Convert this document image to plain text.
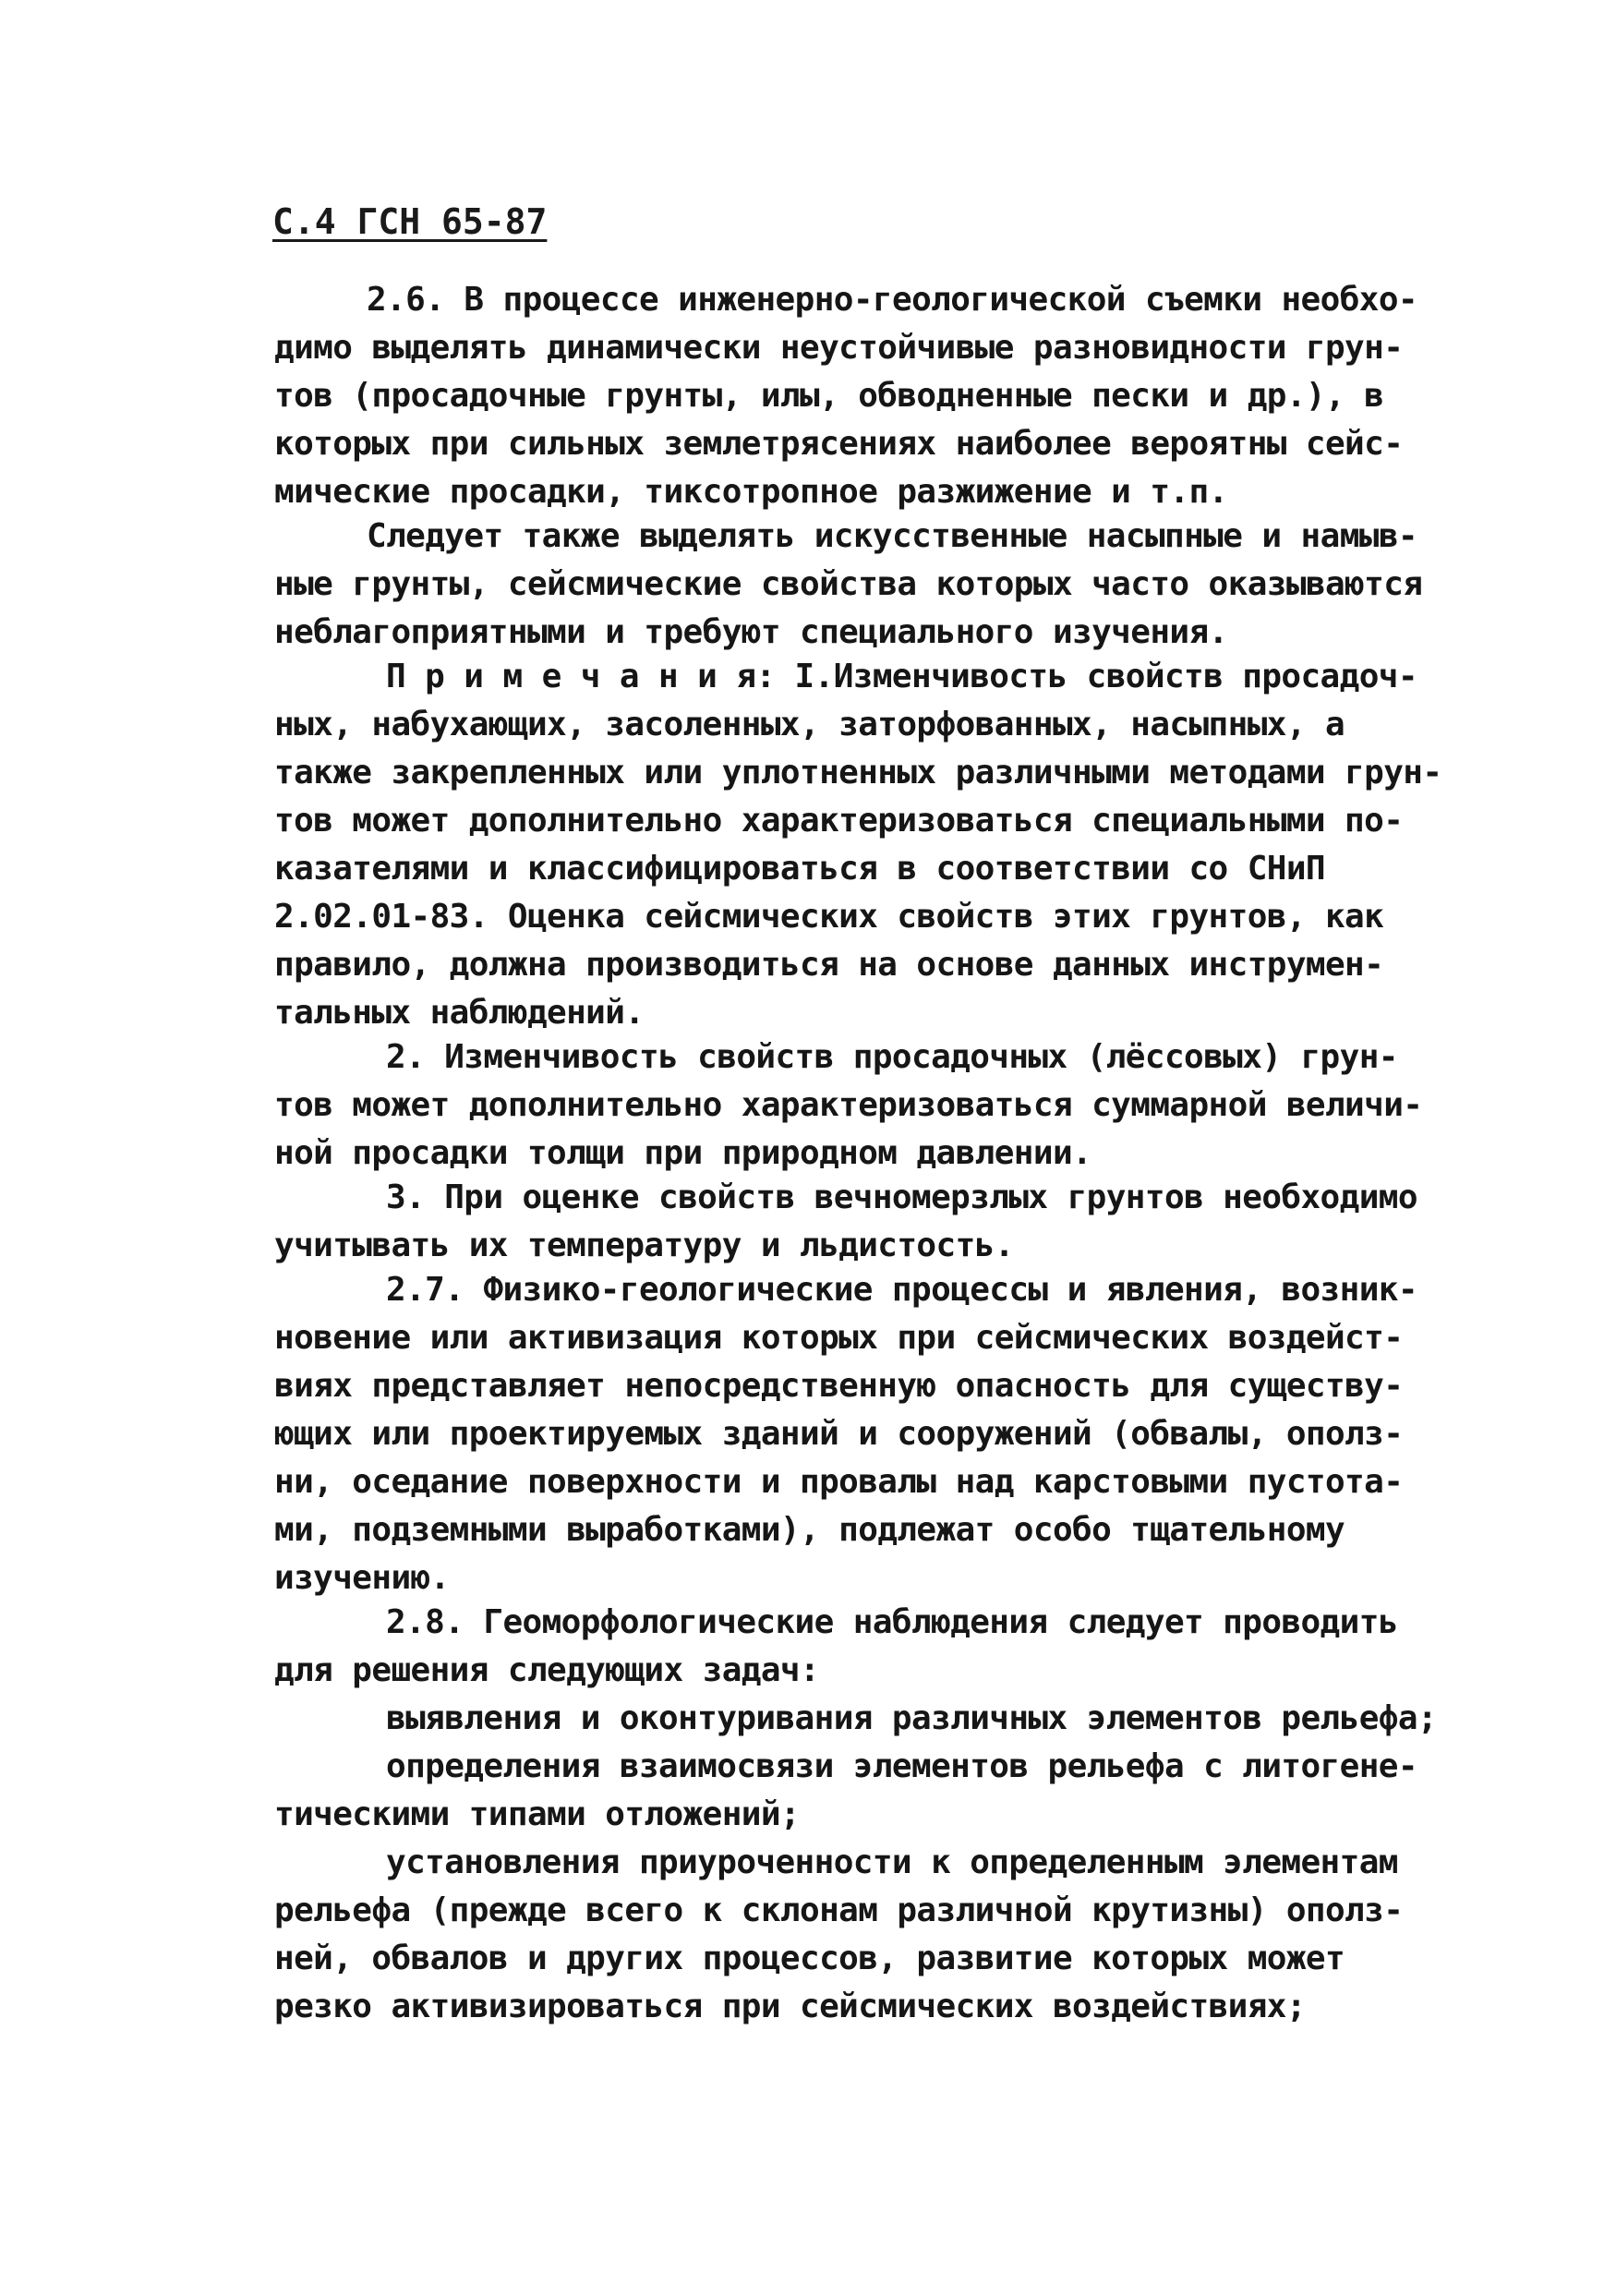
С.4 ГСН 65-87
2.6. В процессе инженерно-геологической съемки необхо-
димо выделять динамически неустойчивые разновидности грун-
тов (просадочные грунты, илы, обводненные пески и др.), в
которых при сильных землетрясениях наиболее вероятны сейс-
мические просадки, тиксотропное разжижение и т.п.
Следует также выделять искусственные насыпные и намыв-
ные грунты, сейсмические свойства которых часто оказываются
неблагоприятными и требуют специального изучения.
П р и м е ч а н и я: I.Изменчивость свойств просадоч-
ных, набухающих, засоленных, заторфованных, насыпных, а
также закрепленных или уплотненных различными методами грун-
тов может дополнительно характеризоваться специальными по-
казателями и классифицироваться в соответствии со СНиП
2.02.01-83. Оценка сейсмических свойств этих грунтов, как
правило, должна производиться на основе данных инструмен-
тальных наблюдений.
2. Изменчивость свойств просадочных (лёссовых) грун-
тов может дополнительно характеризоваться суммарной величи-
ной просадки толщи при природном давлении.
3. При оценке свойств вечномерзлых грунтов необходимо
учитывать их температуру и льдистость.
2.7. Физико-геологические процессы и явления, возник-
новение или активизация которых при сейсмических воздейст-
виях представляет непосредственную опасность для существу-
ющих или проектируемых зданий и сооружений (обвалы, ополз-
ни, оседание поверхности и провалы над карстовыми пустота-
ми, подземными выработками), подлежат особо тщательному
изучению.
2.8. Геоморфологические наблюдения следует проводить
для решения следующих задач:
выявления и оконтуривания различных элементов рельефа;
определения взаимосвязи элементов рельефа с литогене-
тическими типами отложений;
установления приуроченности к определенным элементам
рельефа (прежде всего к склонам различной крутизны) ополз-
ней, обвалов и других процессов, развитие которых может
резко активизироваться при сейсмических воздействиях;
